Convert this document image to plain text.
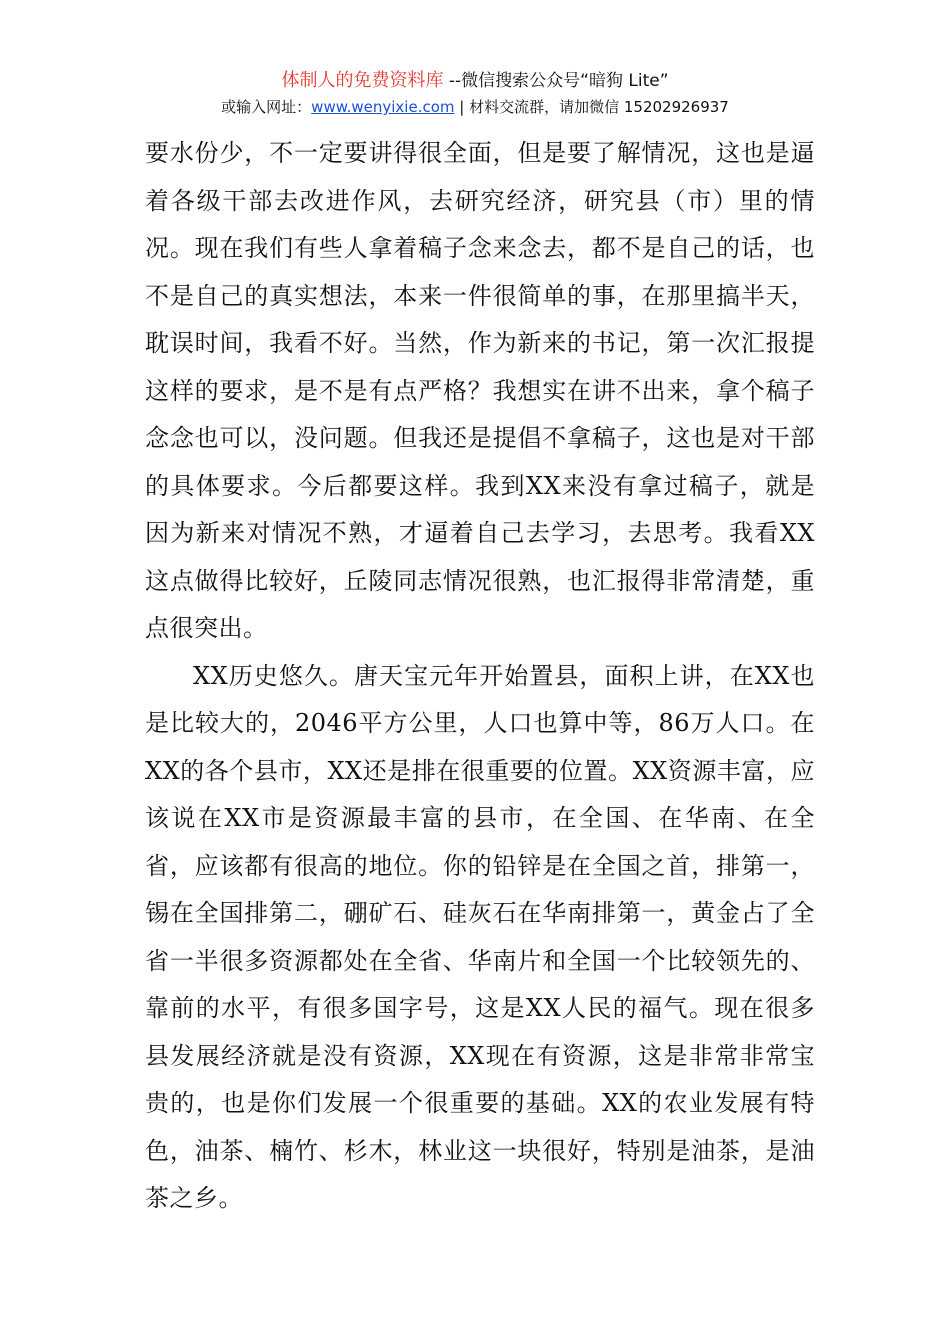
体制人的免费资料库 --微信搜索公众号“暗狗 Lite”
或输入网址：www.wenyixie.com | 材料交流群，请加微信 15202926937

要水份少，不一定要讲得很全面，但是要了解情况，这也是逼着各级干部去改进作风，去研究经济，研究县（市）里的情况。现在我们有些人拿着稿子念来念去，都不是自己的话，也不是自己的真实想法，本来一件很简单的事，在那里搞半天，耽误时间，我看不好。当然，作为新来的书记，第一次汇报提这样的要求，是不是有点严格？我想实在讲不出来，拿个稿子念念也可以，没问题。但我还是提倡不拿稿子，这也是对干部的具体要求。今后都要这样。我到XX来没有拿过稿子，就是因为新来对情况不熟，才逼着自己去学习，去思考。我看XX这点做得比较好，丘陵同志情况很熟，也汇报得非常清楚，重点很突出。

XX历史悠久。唐天宝元年开始置县，面积上讲，在XX也是比较大的，2046平方公里，人口也算中等，86万人口。在XX的各个县市，XX还是排在很重要的位置。XX资源丰富，应该说在XX市是资源最丰富的县市，在全国、在华南、在全省，应该都有很高的地位。你的铅锌是在全国之首，排第一，锡在全国排第二，硼矿石、硅灰石在华南排第一，黄金占了全省一半很多资源都处在全省、华南片和全国一个比较领先的、靠前的水平，有很多国字号，这是XX人民的福气。现在很多县发展经济就是没有资源，XX现在有资源，这是非常非常宝贵的，也是你们发展一个很重要的基础。XX的农业发展有特色，油茶、楠竹、杉木，林业这一块很好，特别是油茶，是油茶之乡。
